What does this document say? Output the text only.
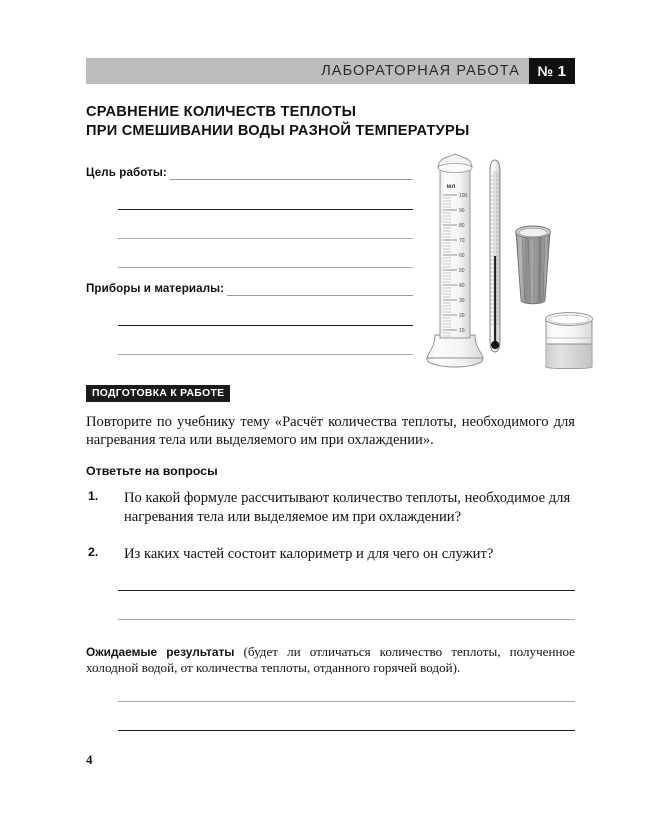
ЛАБОРАТОРНАЯ РАБОТА	№ 1
СРАВНЕНИЕ КОЛИЧЕСТВ ТЕПЛОТЫ
ПРИ СМЕШИВАНИИ ВОДЫ РАЗНОЙ ТЕМПЕРАТУРЫ
Цель работы:
Приборы и материалы:
мл
100
90
80
70
60
50
40
30
20
10
ПОДГОТОВКА К РАБОТЕ
Повторите по учебнику тему «Расчёт количества теплоты, необходимого для нагревания тела или выделяемого им при охлаждении».
Ответьте на вопросы
1. По какой формуле рассчитывают количество теплоты, необходимое для нагревания тела или выделяемое им при охлаждении?
2. Из каких частей состоит калориметр и для чего он служит?
Ожидаемые результаты (будет ли отличаться количество теплоты, полученное холодной водой, от количества теплоты, отданного горячей водой).
4
